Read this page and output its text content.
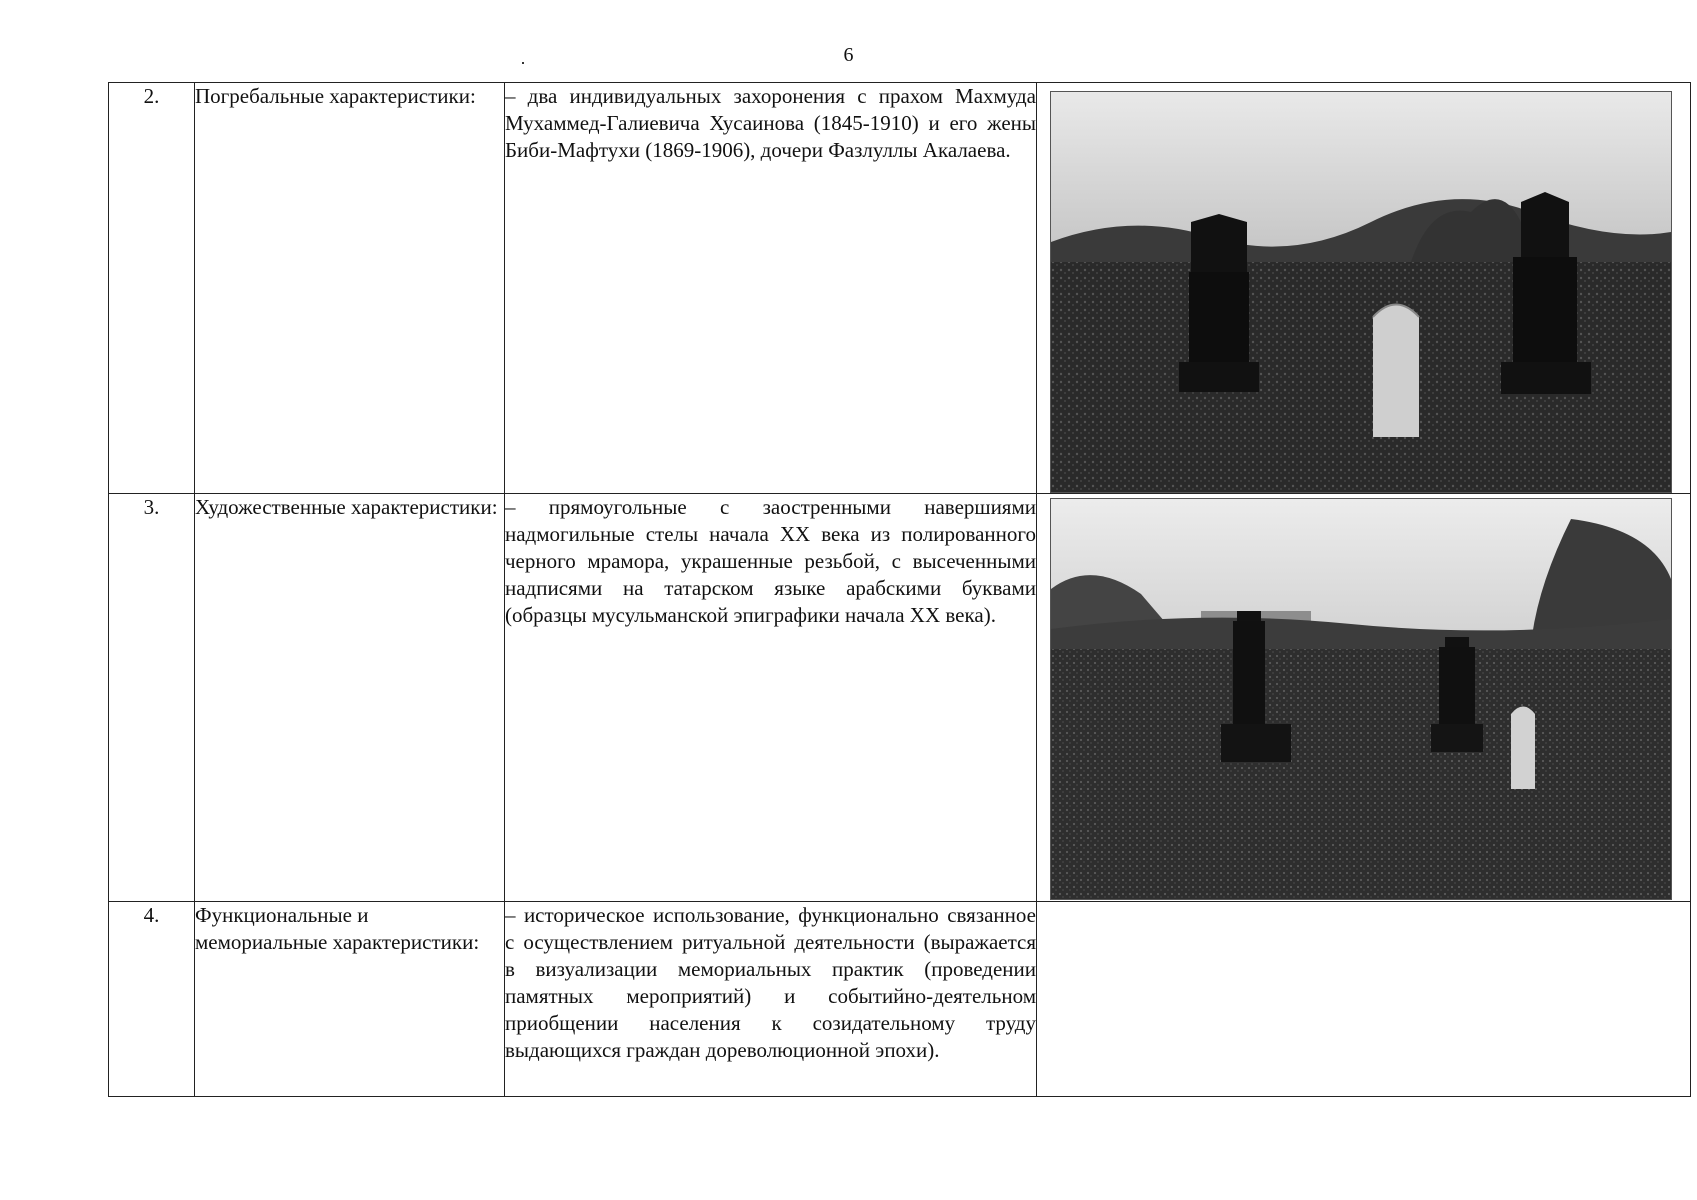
6
2.	Погребальные характеристики:	– два индивидуальных захоронения с прахом Махмуда Мухаммед-Галиевича Хусаинова (1845-1910) и его жены Биби-Мафтухи (1869-1906), дочери Фазлуллы Акалаева.	

3.	Художественные характеристики:	– прямоугольные с заостренными навершиями надмогильные стелы начала XX века из полированного черного мрамора, украшенные резьбой, с высеченными надписями на татарском языке арабскими буквами (образцы мусульманской эпиграфики начала XX века).	

4.	Функциональные и мемориальные характеристики:	– историческое использование, функционально связанное с осуществлением ритуальной деятельности (выражается в визуализации мемориальных практик (проведении памятных мероприятий) и событийно-деятельном приобщении населения к созидательному труду выдающихся граждан дореволюционной эпохи).	
